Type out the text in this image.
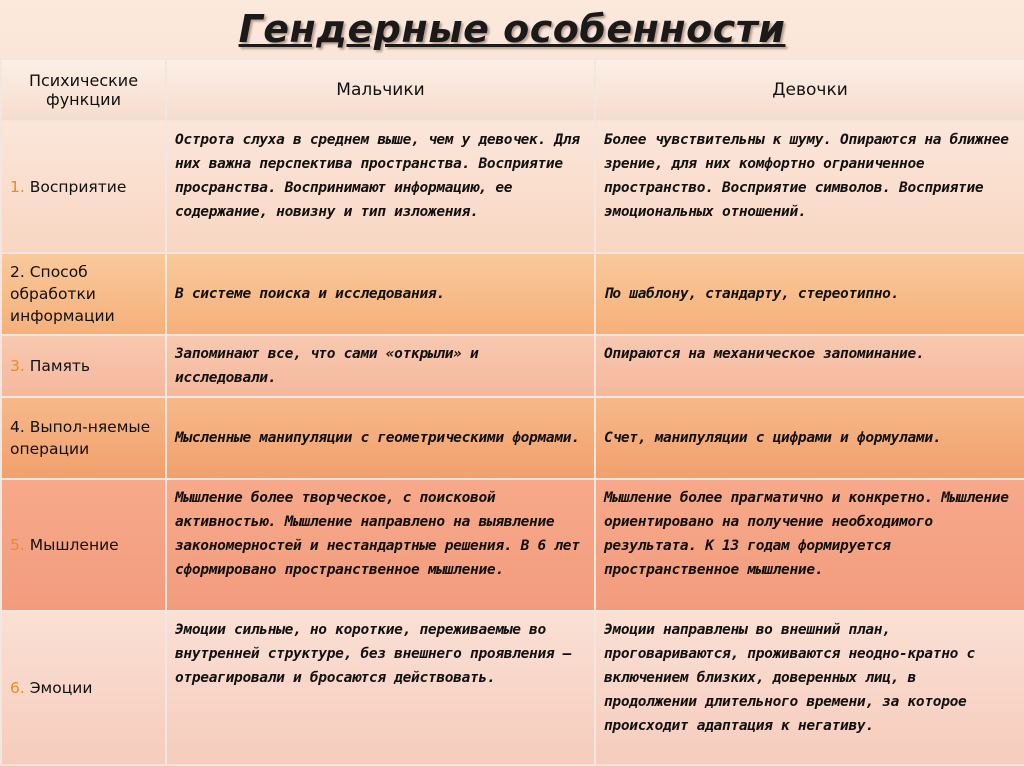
Гендерные особенности
Психические функции	Мальчики	Девочки
1. Восприятие	Острота слуха в среднем выше, чем у девочек. Для них важна перспектива пространства. Восприятие просранства. Воспринимают информацию, ее содержание, новизну и тип изложения.	Более чувствительны к шуму. Опираются на ближнее зрение, для них комфортно ограниченное пространство. Восприятие символов. Восприятие эмоциональных отношений.
2. Способ обработки информации	В системе поиска и исследования.	По шаблону, стандарту, стереотипно.
3. Память	Запоминают все, что сами «открыли» и исследовали.	Опираются на механическое запоминание.
4. Выпол-няемые операции	Мысленные манипуляции с геометрическими формами.	Счет, манипуляции с цифрами и формулами.
5. Мышление	Мышление более творческое, с поисковой активностью. Мышление направлено на выявление закономерностей и нестандартные решения. В 6 лет сформировано пространственное мышление.	Мышление более прагматично и конкретно. Мышление ориентировано на получение необходимого результата. К 13 годам формируется пространственное мышление.
6. Эмоции	Эмоции сильные, но короткие, переживаемые во внутренней структуре, без внешнего проявления – отреагировали и бросаются действовать.	Эмоции направлены во внешний план, проговариваются, проживаются неодно-кратно с включением близких, доверенных лиц, в продолжении длительного времени, за которое происходит адаптация к негативу.
